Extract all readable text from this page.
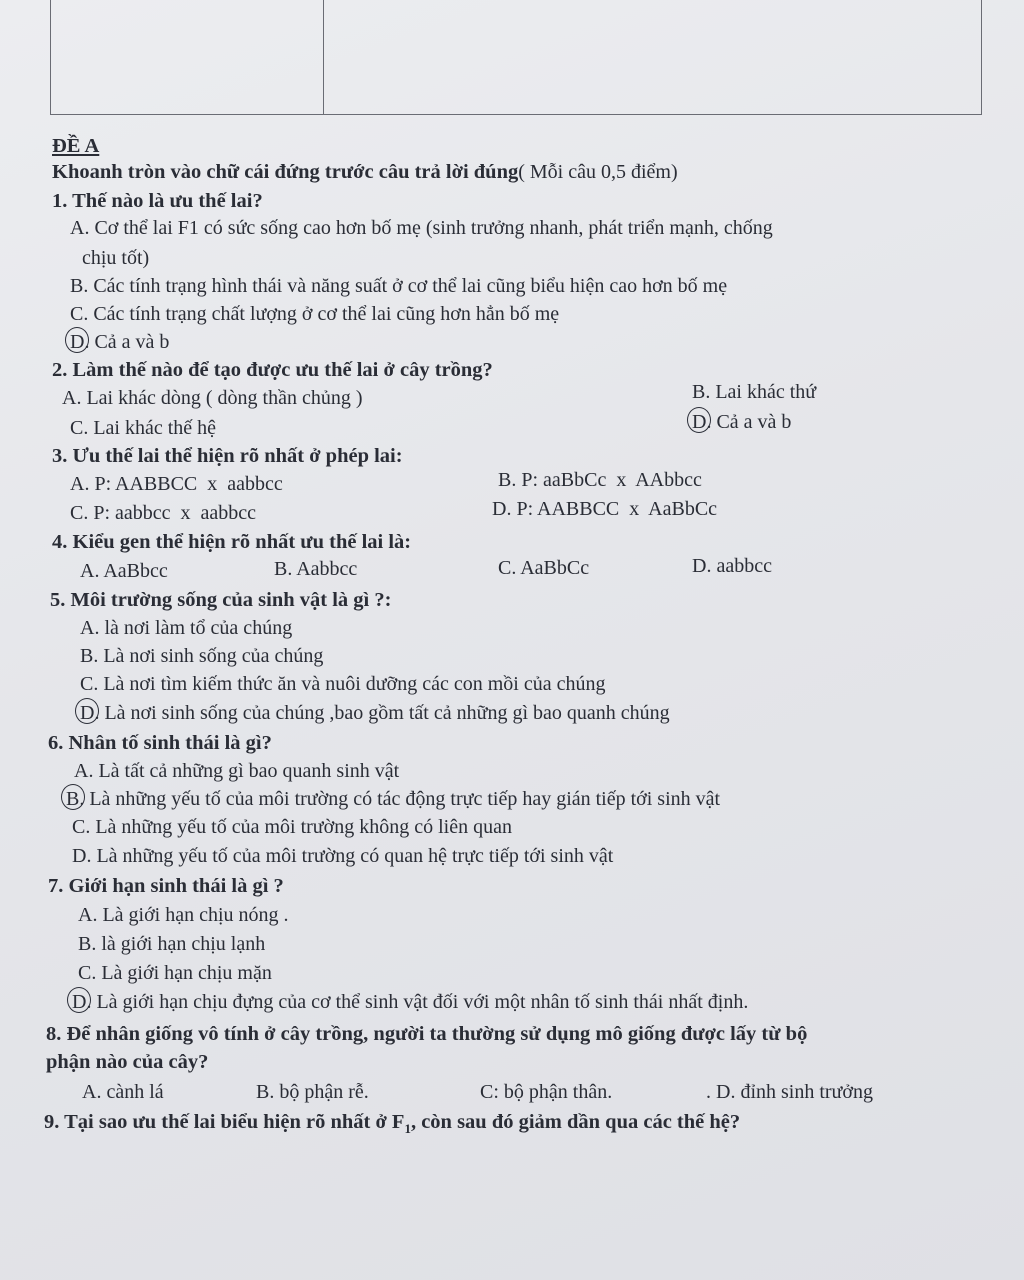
ĐỀ A
Khoanh tròn vào chữ cái đứng trước câu trả lời đúng( Mỗi câu 0,5 điểm)
1. Thế nào là ưu thế lai?
A. Cơ thể lai F1 có sức sống cao hơn bố mẹ (sinh trưởng nhanh, phát triển mạnh, chống
chịu tốt)
B. Các tính trạng hình thái và năng suất ở cơ thể lai cũng biểu hiện cao hơn bố mẹ
C. Các tính trạng chất lượng ở cơ thể lai cũng hơn hẳn bố mẹ
D. Cả a và b
2. Làm thế nào để tạo được ưu thế lai ở cây trồng?
A. Lai khác dòng ( dòng thần chủng )	B. Lai khác thứ
C. Lai khác thế hệ	D. Cả a và b
3. Ưu thế lai thể hiện rõ nhất ở phép lai:
A. P: AABBCC  x  aabbcc	B. P: aaBbCc  x  AAbbcc
C. P: aabbcc  x  aabbcc	D. P: AABBCC  x  AaBbCc
4. Kiểu gen thể hiện rõ nhất ưu thế lai là:
A. AaBbcc	B. Aabbcc	C. AaBbCc	D. aabbcc
5. Môi trường sống của sinh vật là gì ?:
A. là nơi làm tổ của chúng
B. Là nơi sinh sống của chúng
C. Là nơi tìm kiếm thức ăn và nuôi dưỡng các con mồi của chúng
D. Là nơi sinh sống của chúng ,bao gồm tất cả những gì bao quanh chúng
6. Nhân tố sinh thái là gì?
A. Là tất cả những gì bao quanh sinh vật
B. Là những yếu tố của môi trường có tác động trực tiếp hay gián tiếp tới sinh vật
C. Là những yếu tố của môi trường không có liên quan
D. Là những yếu tố của môi trường có quan hệ trực tiếp tới sinh vật
7. Giới hạn sinh thái là gì ?
A. Là giới hạn chịu nóng .
B. là giới hạn chịu lạnh
C. Là giới hạn chịu mặn
D. Là giới hạn chịu đựng của cơ thể sinh vật đối với một nhân tố sinh thái nhất định.
8. Để nhân giống vô tính ở cây trồng, người ta thường sử dụng mô giống được lấy từ bộ
phận nào của cây?
A. cành lá	B. bộ phận rễ.	C: bộ phận thân.	. D. đỉnh sinh trưởng
9. Tại sao ưu thế lai biểu hiện rõ nhất ở $F_1$, còn sau đó giảm dần qua các thế hệ?
